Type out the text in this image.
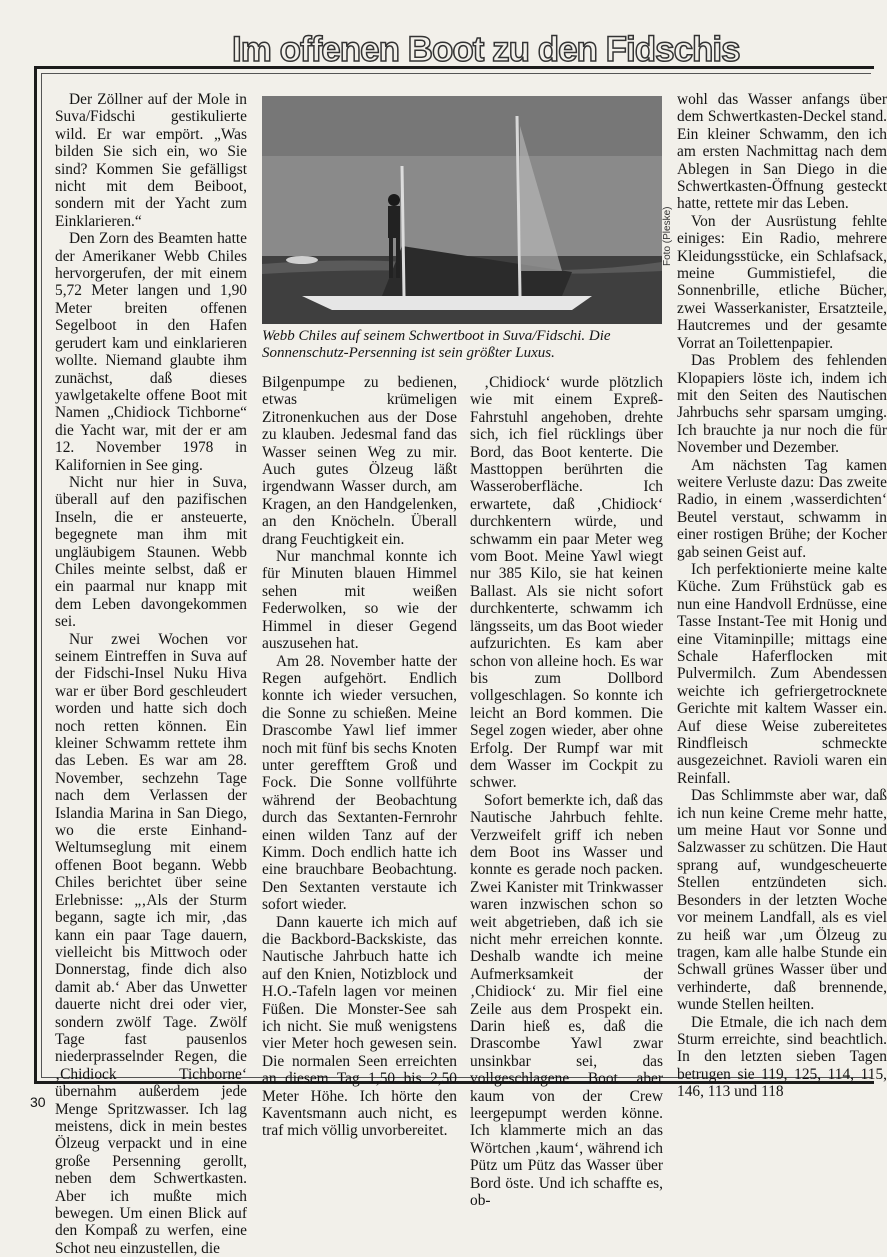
Im offenen Boot zu den Fidschis

Der Zöllner auf der Mole in Suva/Fidschi gestikulierte wild. Er war empört. „Was bilden Sie sich ein, wo Sie sind? Kommen Sie gefälligst nicht mit dem Beiboot, sondern mit der Yacht zum Einklarieren.“

Den Zorn des Beamten hatte der Amerikaner Webb Chiles hervorgerufen, der mit einem 5,72 Meter langen und 1,90 Meter breiten offenen Segelboot in den Hafen gerudert kam und einklarieren wollte. Niemand glaubte ihm zunächst, daß dieses yawlgetakelte offene Boot mit Namen „Chidiock Tichborne“ die Yacht war, mit der er am 12. November 1978 in Kalifornien in See ging.

Nicht nur hier in Suva, überall auf den pazifischen Inseln, die er ansteuerte, begegnete man ihm mit ungläubigem Staunen. Webb Chiles meinte selbst, daß er ein paarmal nur knapp mit dem Leben davongekommen sei.

Nur zwei Wochen vor seinem Eintreffen in Suva auf der Fidschi-Insel Nuku Hiva war er über Bord geschleudert worden und hatte sich doch noch retten können. Ein kleiner Schwamm rettete ihm das Leben. Es war am 28. November, sechzehn Tage nach dem Verlassen der Islandia Marina in San Diego, wo die erste Einhand-Weltumseglung mit einem offenen Boot begann. Webb Chiles berichtet über seine Erlebnisse: „‚Als der Sturm begann, sagte ich mir, ‚das kann ein paar Tage dauern, vielleicht bis Mittwoch oder Donnerstag, finde dich also damit ab.‘ Aber das Unwetter dauerte nicht drei oder vier, sondern zwölf Tage. Zwölf Tage fast pausenlos niederprasselnder Regen, die ‚Chidiock Tichborne‘ übernahm außerdem jede Menge Spritzwasser. Ich lag meistens, dick in mein bestes Ölzeug verpackt und in eine große Persenning gerollt, neben dem Schwertkasten. Aber ich mußte mich bewegen. Um einen Blick auf den Kompaß zu werfen, eine Schot neu einzustellen, die

Foto (Pleske)
Webb Chiles auf seinem Schwertboot in Suva/Fidschi. Die Sonnenschutz-Persenning ist sein größter Luxus.

Bilgenpumpe zu bedienen, etwas krümeligen Zitronenkuchen aus der Dose zu klauben. Jedesmal fand das Wasser seinen Weg zu mir. Auch gutes Ölzeug läßt irgendwann Wasser durch, am Kragen, an den Handgelenken, an den Knöcheln. Überall drang Feuchtigkeit ein.

Nur manchmal konnte ich für Minuten blauen Himmel sehen mit weißen Federwolken, so wie der Himmel in dieser Gegend auszusehen hat.

Am 28. November hatte der Regen aufgehört. Endlich konnte ich wieder versuchen, die Sonne zu schießen. Meine Drascombe Yawl lief immer noch mit fünf bis sechs Knoten unter gerefftem Groß und Fock. Die Sonne vollführte während der Beobachtung durch das Sextanten-Fernrohr einen wilden Tanz auf der Kimm. Doch endlich hatte ich eine brauchbare Beobachtung. Den Sextanten verstaute ich sofort wieder.

Dann kauerte ich mich auf die Backbord-Backskiste, das Nautische Jahrbuch hatte ich auf den Knien, Notizblock und H.O.-Tafeln lagen vor meinen Füßen. Die Monster-See sah ich nicht. Sie muß wenigstens vier Meter hoch gewesen sein. Die normalen Seen erreichten an diesem Tag 1,50 bis 2,50 Meter Höhe. Ich hörte den Kaventsmann auch nicht, es traf mich völlig unvorbereitet.

‚Chidiock‘ wurde plötzlich wie mit einem Expreß-Fahrstuhl angehoben, drehte sich, ich fiel rücklings über Bord, das Boot kenterte. Die Masttoppen berührten die Wasseroberfläche. Ich erwartete, daß ‚Chidiock‘ durchkentern würde, und schwamm ein paar Meter weg vom Boot. Meine Yawl wiegt nur 385 Kilo, sie hat keinen Ballast. Als sie nicht sofort durchkenterte, schwamm ich längsseits, um das Boot wieder aufzurichten. Es kam aber schon von alleine hoch. Es war bis zum Dollbord vollgeschlagen. So konnte ich leicht an Bord kommen. Die Segel zogen wieder, aber ohne Erfolg. Der Rumpf war mit dem Wasser im Cockpit zu schwer.

Sofort bemerkte ich, daß das Nautische Jahrbuch fehlte. Verzweifelt griff ich neben dem Boot ins Wasser und konnte es gerade noch packen. Zwei Kanister mit Trinkwasser waren inzwischen schon so weit abgetrieben, daß ich sie nicht mehr erreichen konnte. Deshalb wandte ich meine Aufmerksamkeit der ‚Chidiock‘ zu. Mir fiel eine Zeile aus dem Prospekt ein. Darin hieß es, daß die Drascombe Yawl zwar unsinkbar sei, das vollgeschlagene Boot aber kaum von der Crew leergepumpt werden könne. Ich klammerte mich an das Wörtchen ‚kaum‘, während ich Pütz um Pütz das Wasser über Bord öste. Und ich schaffte es, ob-

wohl das Wasser anfangs über dem Schwertkasten-Deckel stand. Ein kleiner Schwamm, den ich am ersten Nachmittag nach dem Ablegen in San Diego in die Schwertkasten-Öffnung gesteckt hatte, rettete mir das Leben.

Von der Ausrüstung fehlte einiges: Ein Radio, mehrere Kleidungsstücke, ein Schlafsack, meine Gummistiefel, die Sonnenbrille, etliche Bücher, zwei Wasserkanister, Ersatzteile, Hautcremes und der gesamte Vorrat an Toilettenpapier.

Das Problem des fehlenden Klopapiers löste ich, indem ich mit den Seiten des Nautischen Jahrbuchs sehr sparsam umging. Ich brauchte ja nur noch die für November und Dezember.

Am nächsten Tag kamen weitere Verluste dazu: Das zweite Radio, in einem ‚wasserdichten‘ Beutel verstaut, schwamm in einer rostigen Brühe; der Kocher gab seinen Geist auf.

Ich perfektionierte meine kalte Küche. Zum Frühstück gab es nun eine Handvoll Erdnüsse, eine Tasse Instant-Tee mit Honig und eine Vitaminpille; mittags eine Schale Haferflocken mit Pulvermilch. Zum Abendessen weichte ich gefriergetrocknete Gerichte mit kaltem Wasser ein. Auf diese Weise zubereitetes Rindfleisch schmeckte ausgezeichnet. Ravioli waren ein Reinfall.

Das Schlimmste aber war, daß ich nun keine Creme mehr hatte, um meine Haut vor Sonne und Salzwasser zu schützen. Die Haut sprang auf, wundgescheuerte Stellen entzündeten sich. Besonders in der letzten Woche vor meinem Landfall, als es viel zu heiß war ‚um Ölzeug zu tragen, kam alle halbe Stunde ein Schwall grünes Wasser über und verhinderte, daß brennende, wunde Stellen heilten.

Die Etmale, die ich nach dem Sturm erreichte, sind beachtlich. In den letzten sieben Tagen betrugen sie 119, 125, 114, 115, 146, 113 und 118

30
